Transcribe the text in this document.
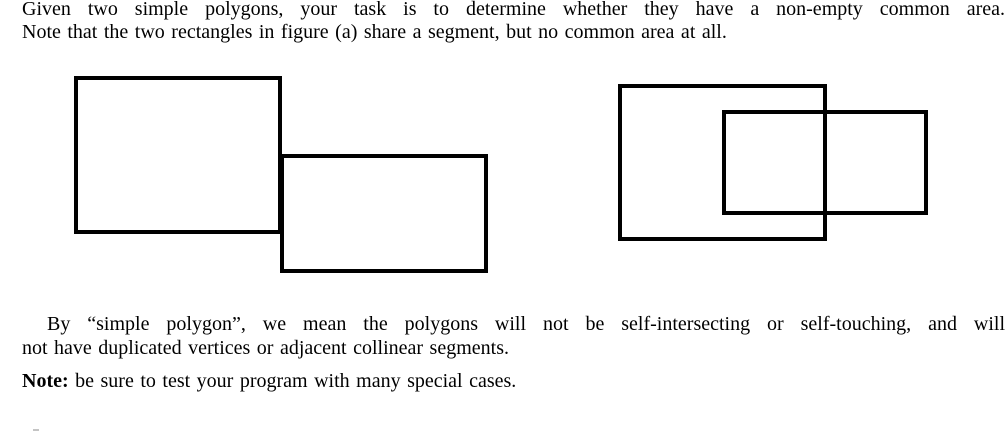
Given two simple polygons, your task is to determine whether they have a non-empty common area.
Note that the two rectangles in figure (a) share a segment, but no common area at all.
By “simple polygon”, we mean the polygons will not be self-intersecting or self-touching, and will
not have duplicated vertices or adjacent collinear segments.
Note: be sure to test your program with many special cases.
